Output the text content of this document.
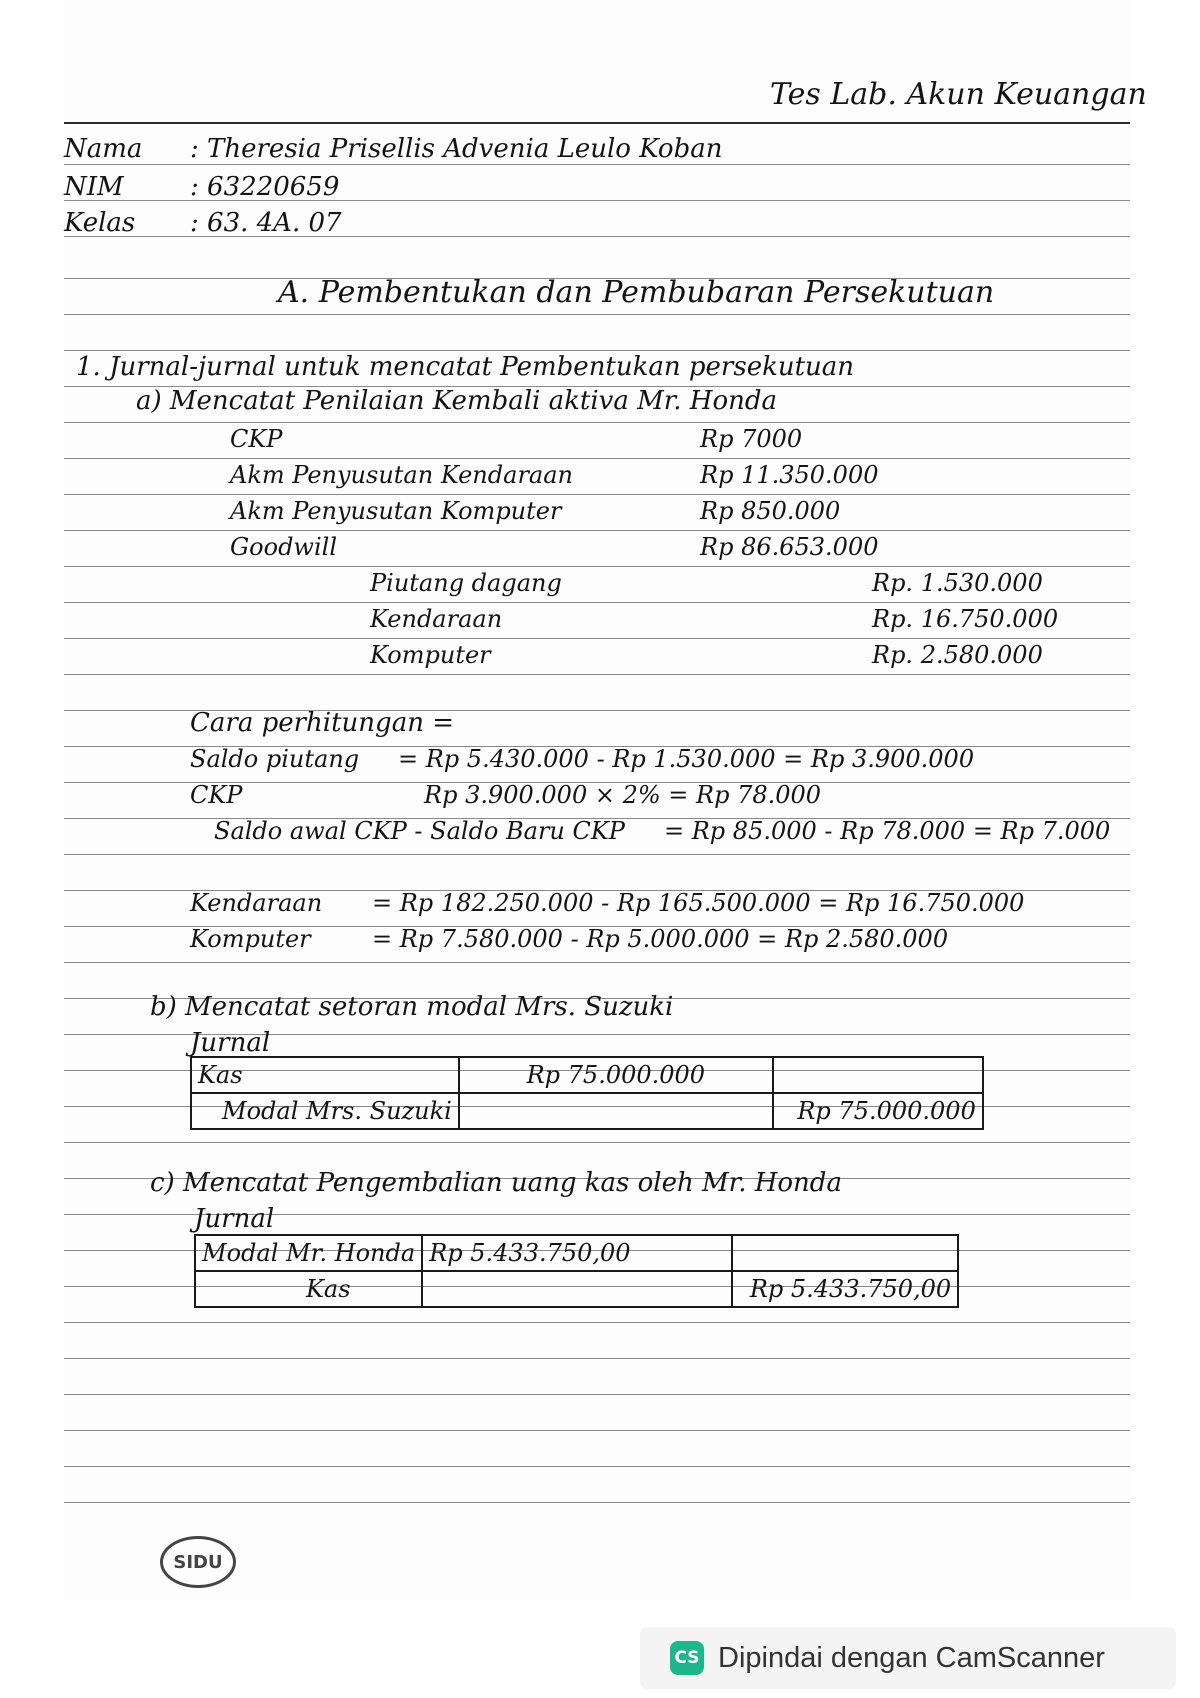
Tes Lab. Akun Keuangan
Nama : Theresia Prisellis Advenia Leulo Koban
NIM	: 63220659
Kelas : 63. 4A. 07
A. Pembentukan dan Pembubaran Persekutuan
1. Jurnal-jurnal untuk mencatat Pembentukan persekutuan
a) Mencatat Penilaian Kembali aktiva Mr. Honda
CKP	Rp 7000
Akm Penyusutan Kendaraan	Rp 11.350.000
Akm Penyusutan Komputer	Rp 850.000
Goodwill	Rp 86.653.000
Piutang dagang	Rp. 1.530.000
Kendaraan	Rp. 16.750.000
Komputer	Rp. 2.580.000
Cara perhitungan =
Saldo piutang = Rp 5.430.000 - Rp 1.530.000 = Rp 3.900.000
CKP	Rp 3.900.000 × 2% = Rp 78.000
Saldo awal CKP - Saldo Baru CKP = Rp 85.000 - Rp 78.000 = Rp 7.000
Kendaraan = Rp 182.250.000 - Rp 165.500.000 = Rp 16.750.000
Komputer	= Rp 7.580.000 - Rp 5.000.000 = Rp 2.580.000
b) Mencatat setoran modal Mrs. Suzuki
Jurnal
Kas	Rp 75.000.000	
Modal Mrs. Suzuki		Rp 75.000.000
c) Mencatat Pengembalian uang kas oleh Mr. Honda
Jurnal
Modal Mr. Honda	Rp 5.433.750,00	
Kas		Rp 5.433.750,00
SIDU
CS Dipindai dengan CamScanner
